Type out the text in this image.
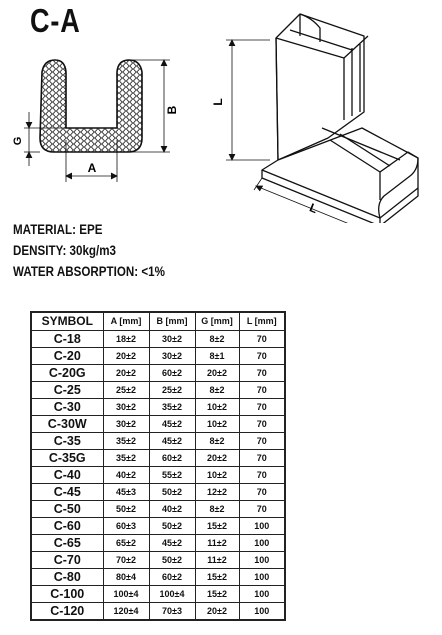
C-A
B
G
A
L
L
MATERIAL: EPE
DENSITY: 30kg/m3
WATER ABSORPTION: <1%
SYMBOL	A [mm]	B [mm]	G [mm]	L [mm]
C-18	18±2	30±2	8±2	70
C-20	20±2	30±2	8±1	70
C-20G	20±2	60±2	20±2	70
C-25	25±2	25±2	8±2	70
C-30	30±2	35±2	10±2	70
C-30W	30±2	45±2	10±2	70
C-35	35±2	45±2	8±2	70
C-35G	35±2	60±2	20±2	70
C-40	40±2	55±2	10±2	70
C-45	45±3	50±2	12±2	70
C-50	50±2	40±2	8±2	70
C-60	60±3	50±2	15±2	100
C-65	65±2	45±2	11±2	100
C-70	70±2	50±2	11±2	100
C-80	80±4	60±2	15±2	100
C-100	100±4	100±4	15±2	100
C-120	120±4	70±3	20±2	100
